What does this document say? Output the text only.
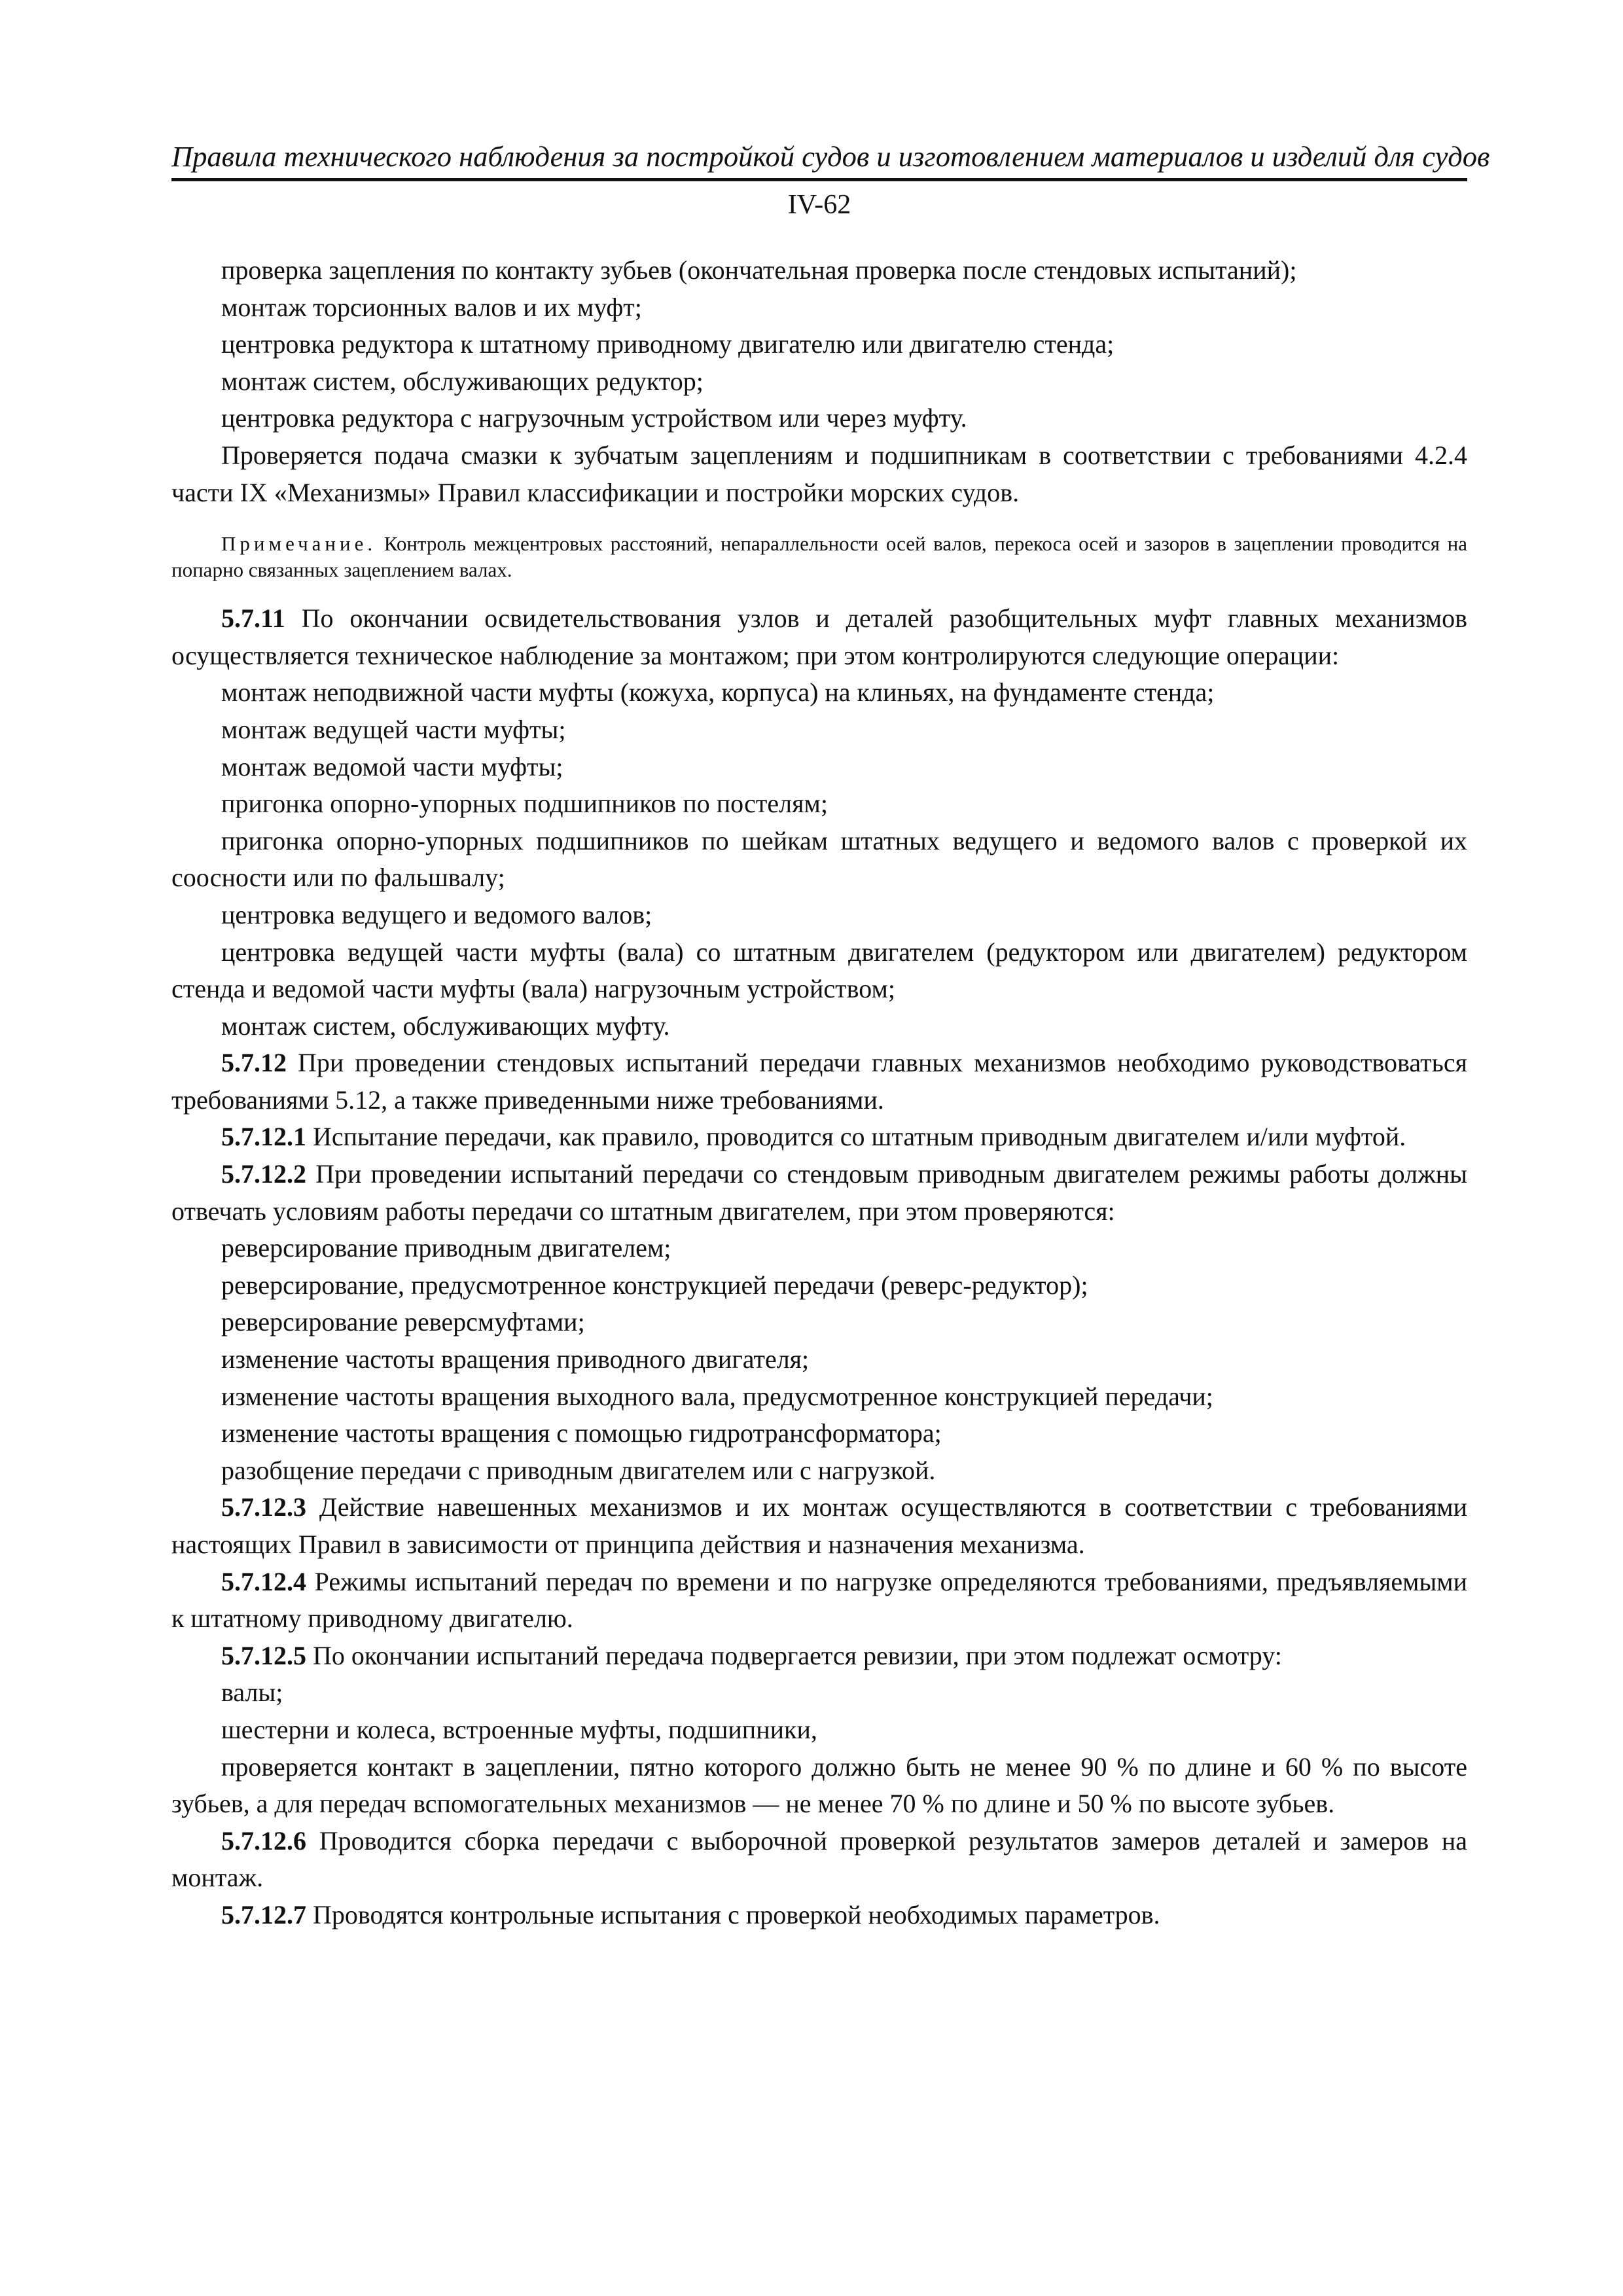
Правила технического наблюдения за постройкой судов и изготовлением материалов и изделий для судов
IV-62

проверка зацепления по контакту зубьев (окончательная проверка после стендовых испытаний);

монтаж торсионных валов и их муфт;

центровка редуктора к штатному приводному двигателю или двигателю стенда;

монтаж систем, обслуживающих редуктор;

центровка редуктора с нагрузочным устройством или через муфту.

Проверяется подача смазки к зубчатым зацеплениям и подшипникам в соответствии с требованиями 4.2.4 части IX «Механизмы» Правил классификации и постройки морских судов.

Примечание. Контроль межцентровых расстояний, непараллельности осей валов, перекоса осей и зазоров в зацеплении проводится на попарно связанных зацеплением валах.

5.7.11 По окончании освидетельствования узлов и деталей разобщительных муфт главных механизмов осуществляется техническое наблюдение за монтажом; при этом контролируются следующие операции:

монтаж неподвижной части муфты (кожуха, корпуса) на клиньях, на фундаменте стенда;

монтаж ведущей части муфты;

монтаж ведомой части муфты;

пригонка опорно-упорных подшипников по постелям;

пригонка опорно-упорных подшипников по шейкам штатных ведущего и ведомого валов с проверкой их соосности или по фальшвалу;

центровка ведущего и ведомого валов;

центровка ведущей части муфты (вала) со штатным двигателем (редуктором или двигателем) редуктором стенда и ведомой части муфты (вала) нагрузочным устройством;

монтаж систем, обслуживающих муфту.

5.7.12 При проведении стендовых испытаний передачи главных механизмов необходимо руководствоваться требованиями 5.12, а также приведенными ниже требованиями.

5.7.12.1 Испытание передачи, как правило, проводится со штатным приводным двигателем и/или муфтой.

5.7.12.2 При проведении испытаний передачи со стендовым приводным двигателем режимы работы должны отвечать условиям работы передачи со штатным двигателем, при этом проверяются:

реверсирование приводным двигателем;

реверсирование, предусмотренное конструкцией передачи (реверс-редуктор);

реверсирование реверсмуфтами;

изменение частоты вращения приводного двигателя;

изменение частоты вращения выходного вала, предусмотренное конструкцией передачи;

изменение частоты вращения с помощью гидротрансформатора;

разобщение передачи с приводным двигателем или с нагрузкой.

5.7.12.3 Действие навешенных механизмов и их монтаж осуществляются в соответствии с требованиями настоящих Правил в зависимости от принципа действия и назначения механизма.

5.7.12.4 Режимы испытаний передач по времени и по нагрузке определяются требованиями, предъявляемыми к штатному приводному двигателю.

5.7.12.5 По окончании испытаний передача подвергается ревизии, при этом подлежат осмотру:

валы;

шестерни и колеса, встроенные муфты, подшипники,

проверяется контакт в зацеплении, пятно которого должно быть не менее 90 % по длине и 60 % по высоте зубьев, а для передач вспомогательных механизмов — не менее 70 % по длине и 50 % по высоте зубьев.

5.7.12.6 Проводится сборка передачи с выборочной проверкой результатов замеров деталей и замеров на монтаж.

5.7.12.7 Проводятся контрольные испытания с проверкой необходимых параметров.
